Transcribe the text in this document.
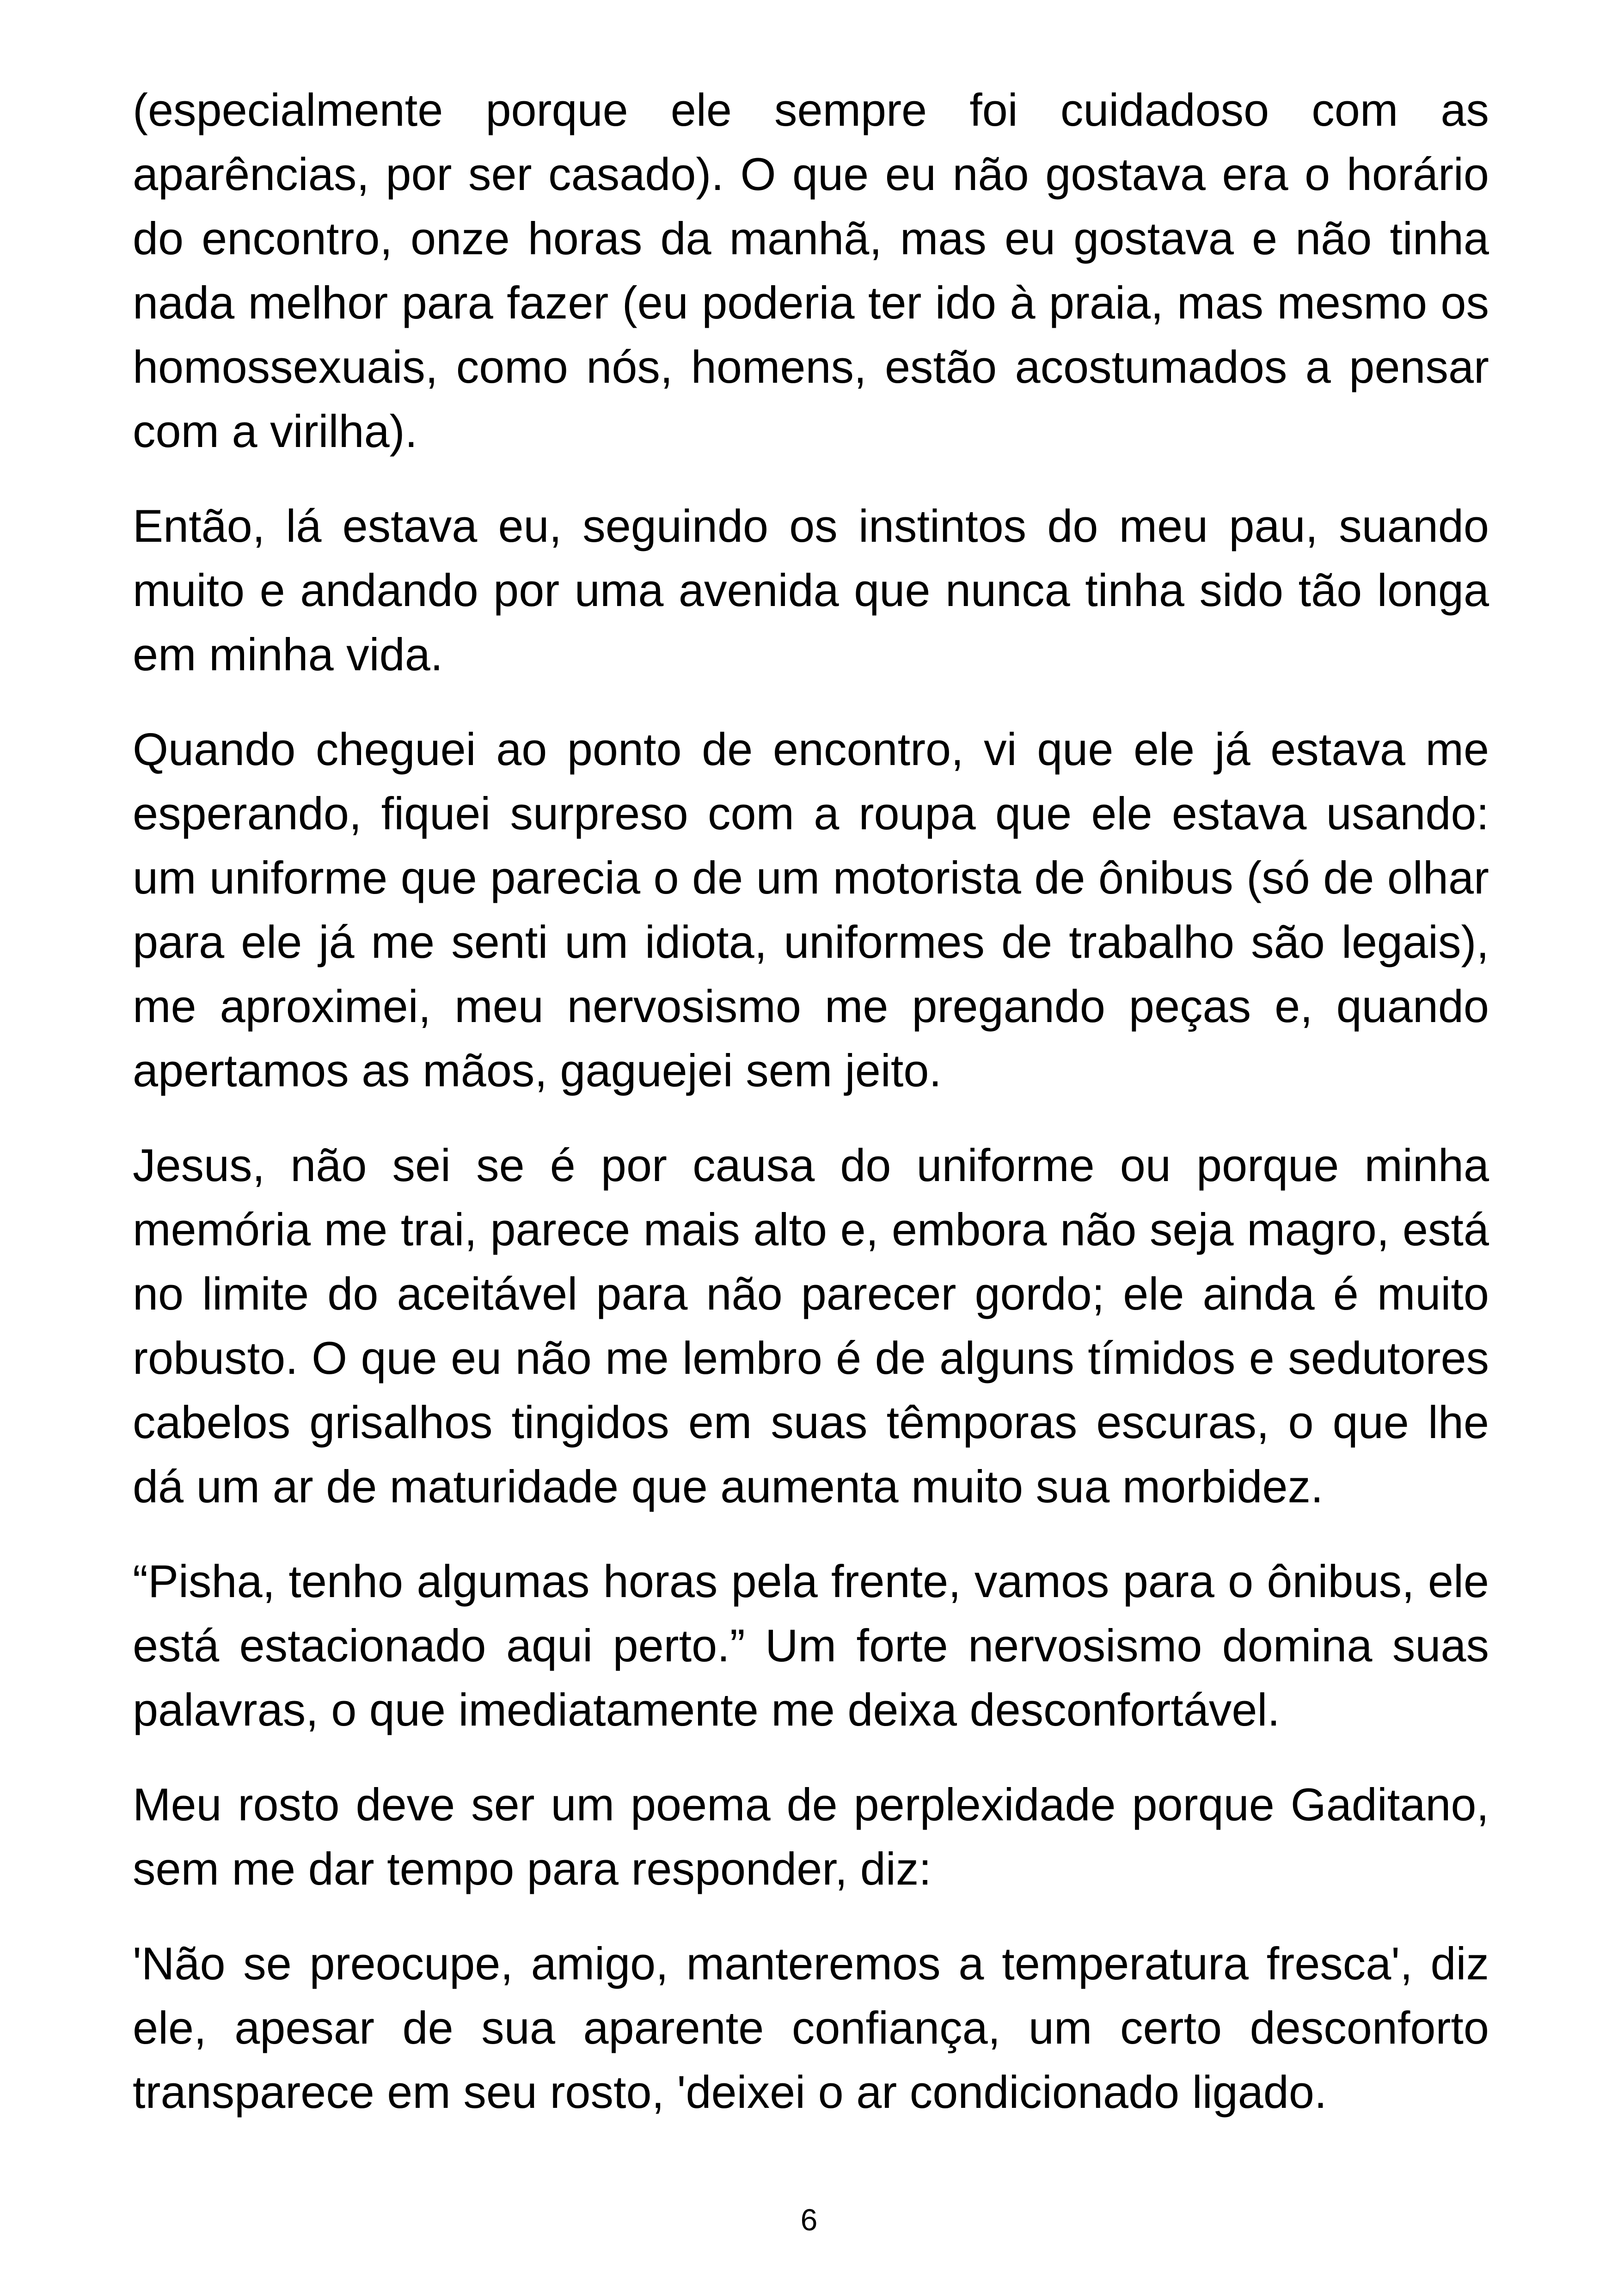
(especialmente porque ele sempre foi cuidadoso com as aparências, por ser casado). O que eu não gostava era o horário do encontro, onze horas da manhã, mas eu gostava e não tinha nada melhor para fazer (eu poderia ter ido à praia, mas mesmo os homossexuais, como nós, homens, estão acostumados a pensar com a virilha).

Então, lá estava eu, seguindo os instintos do meu pau, suando muito e andando por uma avenida que nunca tinha sido tão longa em minha vida.

Quando cheguei ao ponto de encontro, vi que ele já estava me esperando, fiquei surpreso com a roupa que ele estava usando: um uniforme que parecia o de um motorista de ônibus (só de olhar para ele já me senti um idiota, uniformes de trabalho são legais), me aproximei, meu nervosismo me pregando peças e, quando apertamos as mãos, gaguejei sem jeito.

Jesus, não sei se é por causa do uniforme ou porque minha memória me trai, parece mais alto e, embora não seja magro, está no limite do aceitável para não parecer gordo; ele ainda é muito robusto. O que eu não me lembro é de alguns tímidos e sedutores cabelos grisalhos tingidos em suas têmporas escuras, o que lhe dá um ar de maturidade que aumenta muito sua morbidez.

“Pisha, tenho algumas horas pela frente, vamos para o ônibus, ele está estacionado aqui perto.” Um forte nervosismo domina suas palavras, o que imediatamente me deixa desconfortável.

Meu rosto deve ser um poema de perplexidade porque Gaditano, sem me dar tempo para responder, diz:

'Não se preocupe, amigo, manteremos a temperatura fresca', diz ele, apesar de sua aparente confiança, um certo desconforto transparece em seu rosto, 'deixei o ar condicionado ligado.

6
